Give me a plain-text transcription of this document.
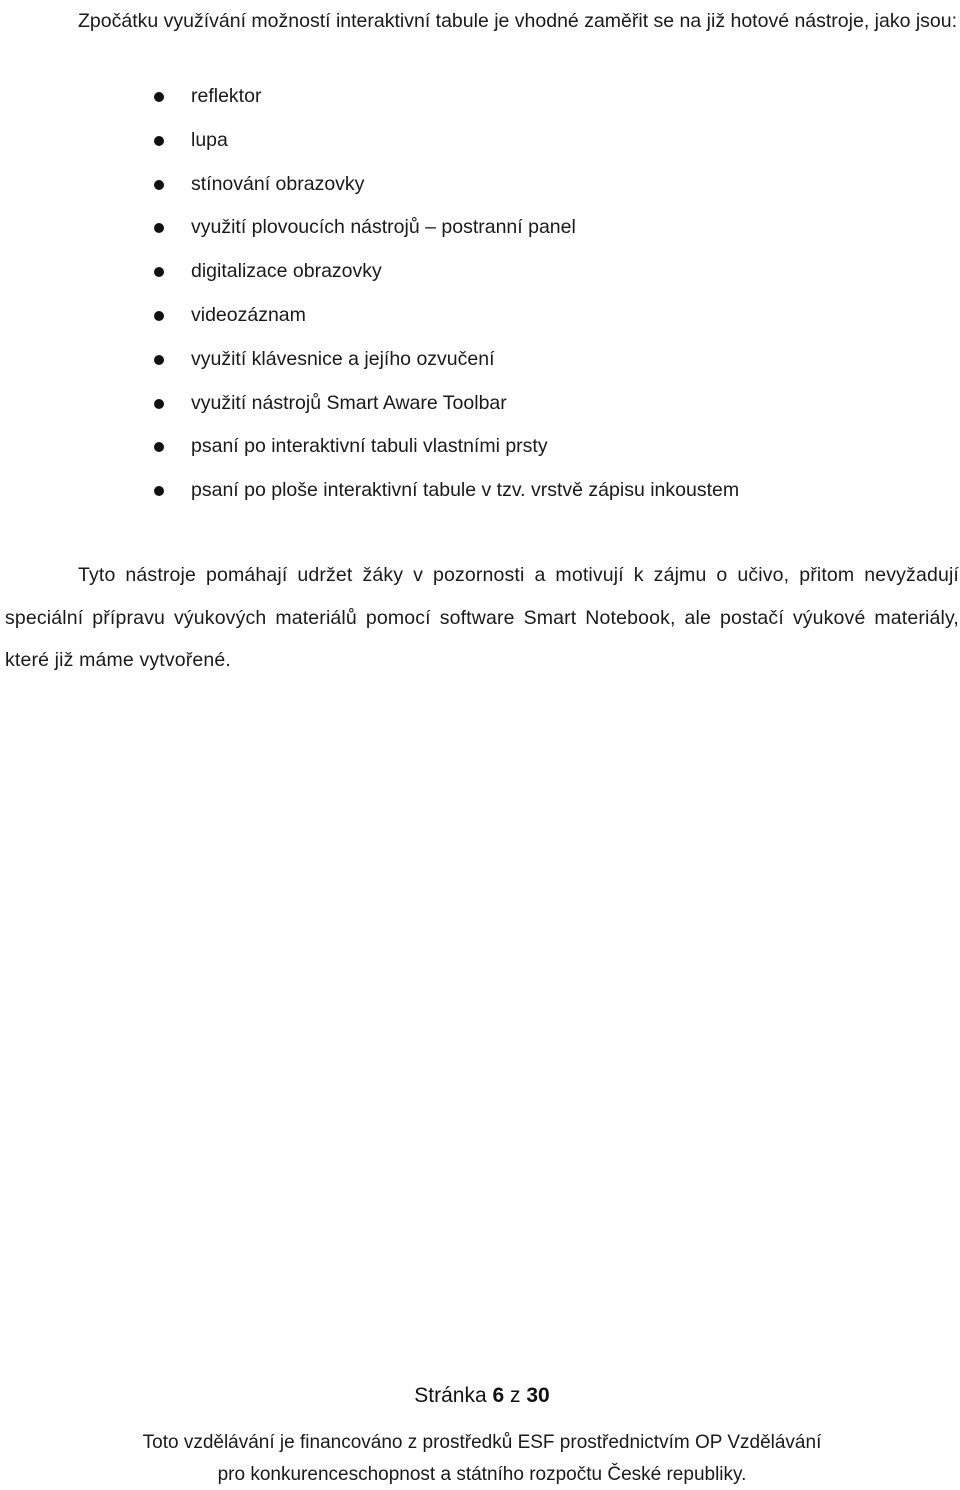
Zpočátku využívání možností interaktivní tabule je vhodné zaměřit se na již hotové nástroje, jako jsou:

reflektor
lupa
stínování obrazovky
využití plovoucích nástrojů – postranní panel
digitalizace obrazovky
videozáznam
využití klávesnice a jejího ozvučení
využití nástrojů Smart Aware Toolbar
psaní po interaktivní tabuli vlastními prsty
psaní po ploše interaktivní tabule v tzv. vrstvě zápisu inkoustem

Tyto nástroje pomáhají udržet žáky v pozornosti a motivují k zájmu o učivo, přitom nevyžadují speciální přípravu výukových materiálů pomocí software Smart Notebook, ale postačí výukové materiály, které již máme vytvořené.

Stránka 6 z 30
Toto vzdělávání je financováno z prostředků ESF prostřednictvím OP Vzdělávání
pro konkurenceschopnost a státního rozpočtu České republiky.
